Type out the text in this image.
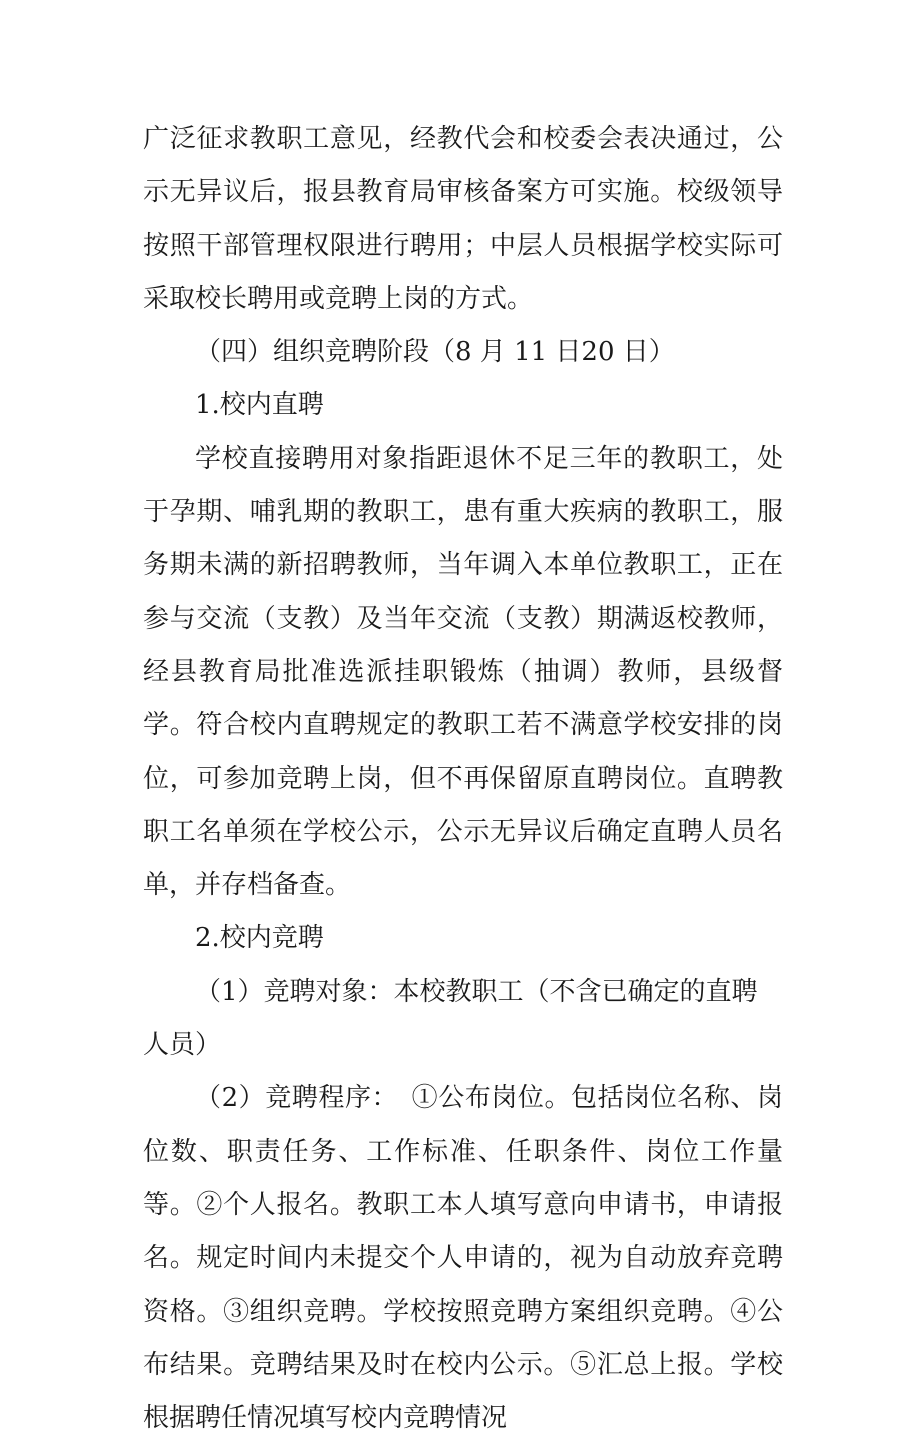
广泛征求教职工意见，经教代会和校委会表决通过，公示无异议后，报县教育局审核备案方可实施。校级领导按照干部管理权限进行聘用；中层人员根据学校实际可采取校长聘用或竞聘上岗的方式。

（四）组织竞聘阶段（8 月 11 日20 日）

1.校内直聘

学校直接聘用对象指距退休不足三年的教职工，处于孕期、哺乳期的教职工，患有重大疾病的教职工，服务期未满的新招聘教师，当年调入本单位教职工，正在参与交流（支教）及当年交流（支教）期满返校教师，经县教育局批准选派挂职锻炼（抽调）教师，县级督学。符合校内直聘规定的教职工若不满意学校安排的岗位，可参加竞聘上岗，但不再保留原直聘岗位。直聘教职工名单须在学校公示，公示无异议后确定直聘人员名单，并存档备查。

2.校内竞聘

（1）竞聘对象：本校教职工（不含已确定的直聘人员）

（2）竞聘程序：　①公布岗位。包括岗位名称、岗位数、职责任务、工作标准、任职条件、岗位工作量等。②个人报名。教职工本人填写意向申请书，申请报名。规定时间内未提交个人申请的，视为自动放弃竞聘资格。③组织竞聘。学校按照竞聘方案组织竞聘。④公布结果。竞聘结果及时在校内公示。⑤汇总上报。学校根据聘任情况填写校内竞聘情况
